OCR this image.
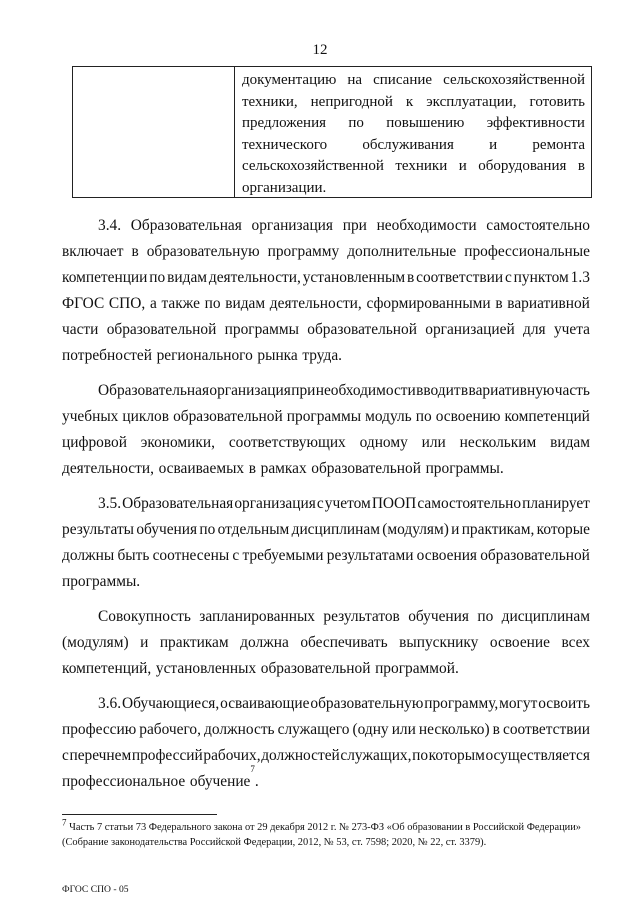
12
документацию на списание сельскохозяйственной
техники, непригодной к эксплуатации, готовить
предложения по повышению эффективности
технического обслуживания и ремонта
сельскохозяйственной техники и оборудования в
организации.
3.4. Образовательная организация при необходимости самостоятельно
включает в образовательную программу дополнительные профессиональные
компетенции по видам деятельности, установленным в соответствии с пунктом 1.3
ФГОС СПО, а также по видам деятельности, сформированными в вариативной
части образовательной программы образовательной организацией для учета
потребностей регионального рынка труда.
Образовательная организация при необходимости вводит в вариативную часть
учебных циклов образовательной программы модуль по освоению компетенций
цифровой экономики, соответствующих одному или нескольким видам
деятельности, осваиваемых в рамках образовательной программы.
3.5. Образовательная организация с учетом ПООП самостоятельно планирует
результаты обучения по отдельным дисциплинам (модулям) и практикам, которые
должны быть соотнесены с требуемыми результатами освоения образовательной
программы.
Совокупность запланированных результатов обучения по дисциплинам
(модулям) и практикам должна обеспечивать выпускнику освоение всех
компетенций, установленных образовательной программой.
3.6. Обучающиеся, осваивающие образовательную программу, могут освоить
профессию рабочего, должность служащего (одну или несколько) в соответствии
с перечнем профессий рабочих, должностей служащих, по которым осуществляется
профессиональное обучение
7
.
$^7$ Часть 7 статьи 73 Федерального закона от 29 декабря 2012 г. № 273-ФЗ «Об образовании в Российской Федерации»
(Собрание законодательства Российской Федерации, 2012, № 53, ст. 7598; 2020, № 22, ст. 3379).
ФГОС СПО - 05
